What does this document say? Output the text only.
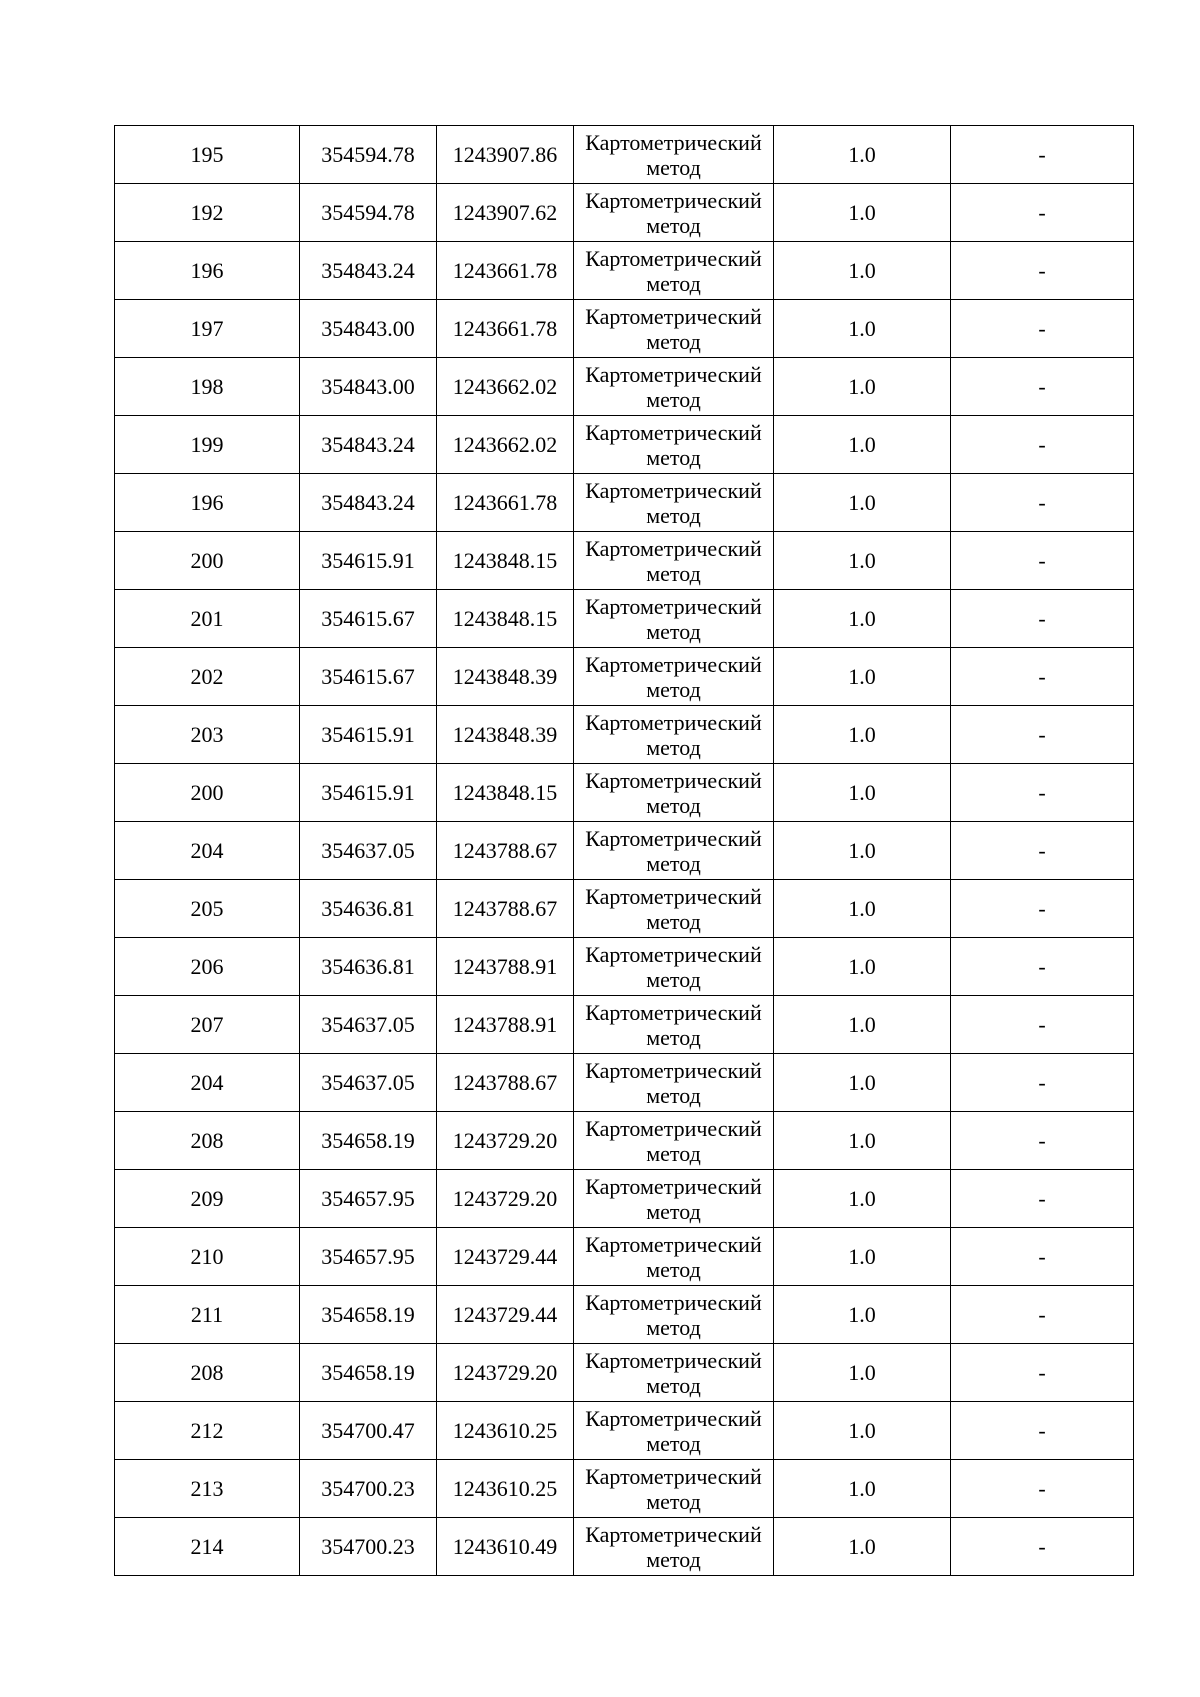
195	354594.78	1243907.86	Картометрический метод	1.0	-
192	354594.78	1243907.62	Картометрический метод	1.0	-
196	354843.24	1243661.78	Картометрический метод	1.0	-
197	354843.00	1243661.78	Картометрический метод	1.0	-
198	354843.00	1243662.02	Картометрический метод	1.0	-
199	354843.24	1243662.02	Картометрический метод	1.0	-
196	354843.24	1243661.78	Картометрический метод	1.0	-
200	354615.91	1243848.15	Картометрический метод	1.0	-
201	354615.67	1243848.15	Картометрический метод	1.0	-
202	354615.67	1243848.39	Картометрический метод	1.0	-
203	354615.91	1243848.39	Картометрический метод	1.0	-
200	354615.91	1243848.15	Картометрический метод	1.0	-
204	354637.05	1243788.67	Картометрический метод	1.0	-
205	354636.81	1243788.67	Картометрический метод	1.0	-
206	354636.81	1243788.91	Картометрический метод	1.0	-
207	354637.05	1243788.91	Картометрический метод	1.0	-
204	354637.05	1243788.67	Картометрический метод	1.0	-
208	354658.19	1243729.20	Картометрический метод	1.0	-
209	354657.95	1243729.20	Картометрический метод	1.0	-
210	354657.95	1243729.44	Картометрический метод	1.0	-
211	354658.19	1243729.44	Картометрический метод	1.0	-
208	354658.19	1243729.20	Картометрический метод	1.0	-
212	354700.47	1243610.25	Картометрический метод	1.0	-
213	354700.23	1243610.25	Картометрический метод	1.0	-
214	354700.23	1243610.49	Картометрический метод	1.0	-
